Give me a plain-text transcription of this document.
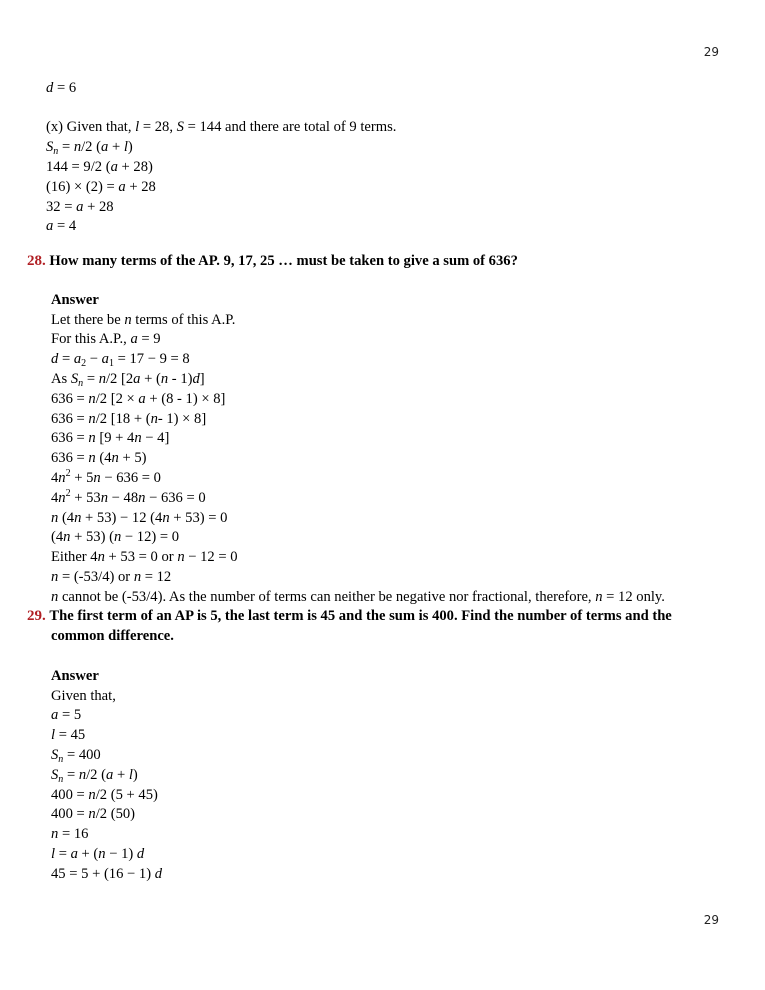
29
d = 6
(x) Given that, l = 28, S = 144 and there are total of 9 terms.
$S_n = n/2$ (a + l)
144 = 9/2 (a + 28)
(16) × (2) = a + 28
32 = a + 28
a = 4
28. How many terms of the AP. 9, 17, 25 … must be taken to give a sum of 636?
Answer
Let there be n terms of this A.P.
For this A.P., a = 9
$d = a_2 - a_1 = 17 - 9 = 8$
As $S_n = n/2$ [2a + (n - 1)d]
636 = n/2 [2 × a + (8 - 1) × 8]
636 = n/2 [18 + (n- 1) × 8]
636 = n [9 + 4n − 4]
636 = n (4n + 5)
$4n^2 + 5n - 636 = 0$
$4n^2 + 53n - 48n - 636 = 0$
n (4n + 53) − 12 (4n + 53) = 0
(4n + 53) (n − 12) = 0
Either 4n + 53 = 0 or n − 12 = 0
n = (-53/4) or n = 12
n cannot be (-53/4). As the number of terms can neither be negative nor fractional, therefore, n = 12 only.
29. The first term of an AP is 5, the last term is 45 and the sum is 400. Find the number of terms and the
common difference.
Answer
Given that,
a = 5
l = 45
$S_n = 400$
$S_n = n/2$ (a + l)
400 = n/2 (5 + 45)
400 = n/2 (50)
n = 16
l = a + (n − 1) d
45 = 5 + (16 − 1) d
29
